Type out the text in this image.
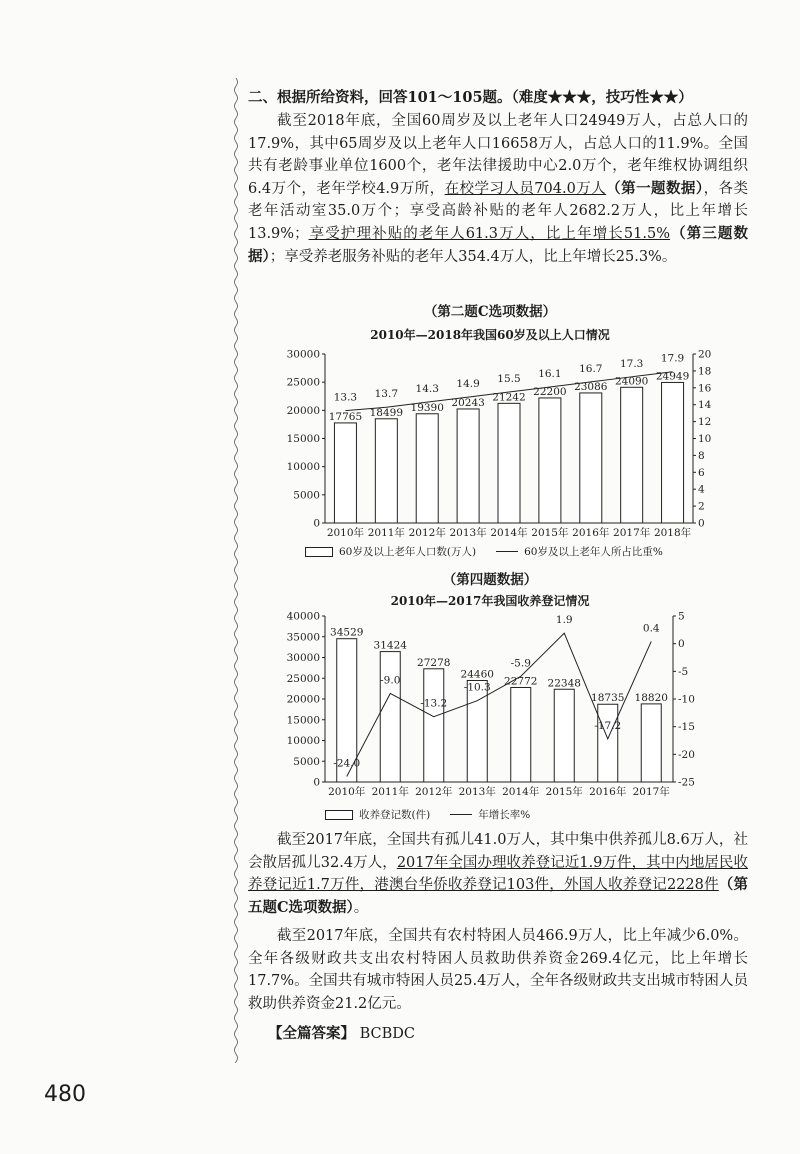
二、根据所给资料，回答101～105题。（难度★★★，技巧性★★）

截至2018年底，全国60周岁及以上老年人口24949万人，占总人口的17.9%，其中65周岁及以上老年人口16658万人，占总人口的11.9%。全国共有老龄事业单位1600个，老年法律援助中心2.0万个，老年维权协调组织6.4万个，老年学校4.9万所，在校学习人员704.0万人（第一题数据），各类老年活动室35.0万个；享受高龄补贴的老年人2682.2万人，比上年增长13.9%；享受护理补贴的老年人61.3万人，比上年增长51.5%（第三题数据）；享受养老服务补贴的老年人354.4万人，比上年增长25.3%。

（第二题C选项数据）
2010年—2018年我国60岁及以上人口情况
0
5000
10000
15000
20000
25000
30000
0
2
4
6
8
10
12
14
16
18
20
17765
2010年
18499
2011年
19390
2012年
20243
2013年
21242
2014年
22200
2015年
23086
2016年
24090
2017年
24949
2018年
13.3 13.7 14.3 14.9 15.5 16.1 16.7 17.3 17.9
60岁及以上老年人口数(万人)	60岁及以上老年人所占比重%
（第四题数据）
2010年—2017年我国收养登记情况
0
5000
10000
15000
20000
25000
30000
35000
40000
-25
-20
-15
-10
-5
0
5
34529
2010年
31424
2011年
27278
2012年
24460
2013年
22772
2014年
22348
2015年
18735
2016年
18820
2017年
-24.0
-9.0
-13.2
-10.3
-5.9
1.9
-17.2
0.4
收养登记数(件)	年增长率%

截至2017年底，全国共有孤儿41.0万人，其中集中供养孤儿8.6万人，社会散居孤儿32.4万人，2017年全国办理收养登记近1.9万件，其中内地居民收养登记近1.7万件，港澳台华侨收养登记103件，外国人收养登记2228件（第五题C选项数据）。

截至2017年底，全国共有农村特困人员466.9万人，比上年减少6.0%。全年各级财政共支出农村特困人员救助供养资金269.4亿元，比上年增长17.7%。全国共有城市特困人员25.4万人，全年各级财政共支出城市特困人员救助供养资金21.2亿元。

【全篇答案】 BCBDC
480
